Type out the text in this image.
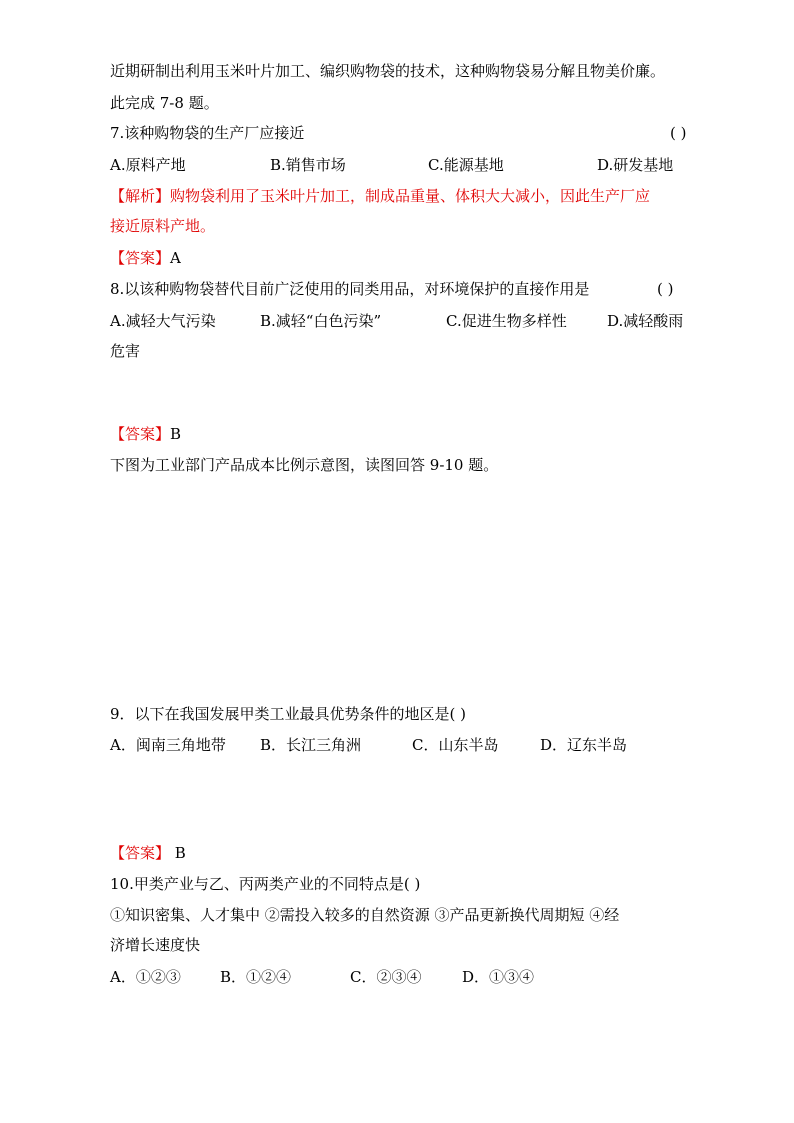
近期研制出利用玉米叶片加工、编织购物袋的技术，这种购物袋易分解且物美价廉。
此完成 7-8 题。
7.该种购物袋的生产厂应接近	( )
A.原料产地	B.销售市场	C.能源基地	D.研发基地
【解析】购物袋利用了玉米叶片加工，制成品重量、体积大大减小，因此生产厂应
接近原料产地。
【答案】A
8.以该种购物袋替代目前广泛使用的同类用品，对环境保护的直接作用是	( )
A.减轻大气污染	B.减轻“白色污染”	C.促进生物多样性	D.减轻酸雨
危害
【答案】B
下图为工业部门产品成本比例示意图，读图回答 9-10 题。
9．以下在我国发展甲类工业最具优势条件的地区是( )
A．闽南三角地带 B．长江三角洲	C．山东半岛	D．辽东半岛
【答案】 B
10.甲类产业与乙、丙两类产业的不同特点是( )
①知识密集、人才集中 ②需投入较多的自然资源 ③产品更新换代周期短 ④经
济增长速度快
A．①②③	B．①②④	C．②③④	D．①③④
